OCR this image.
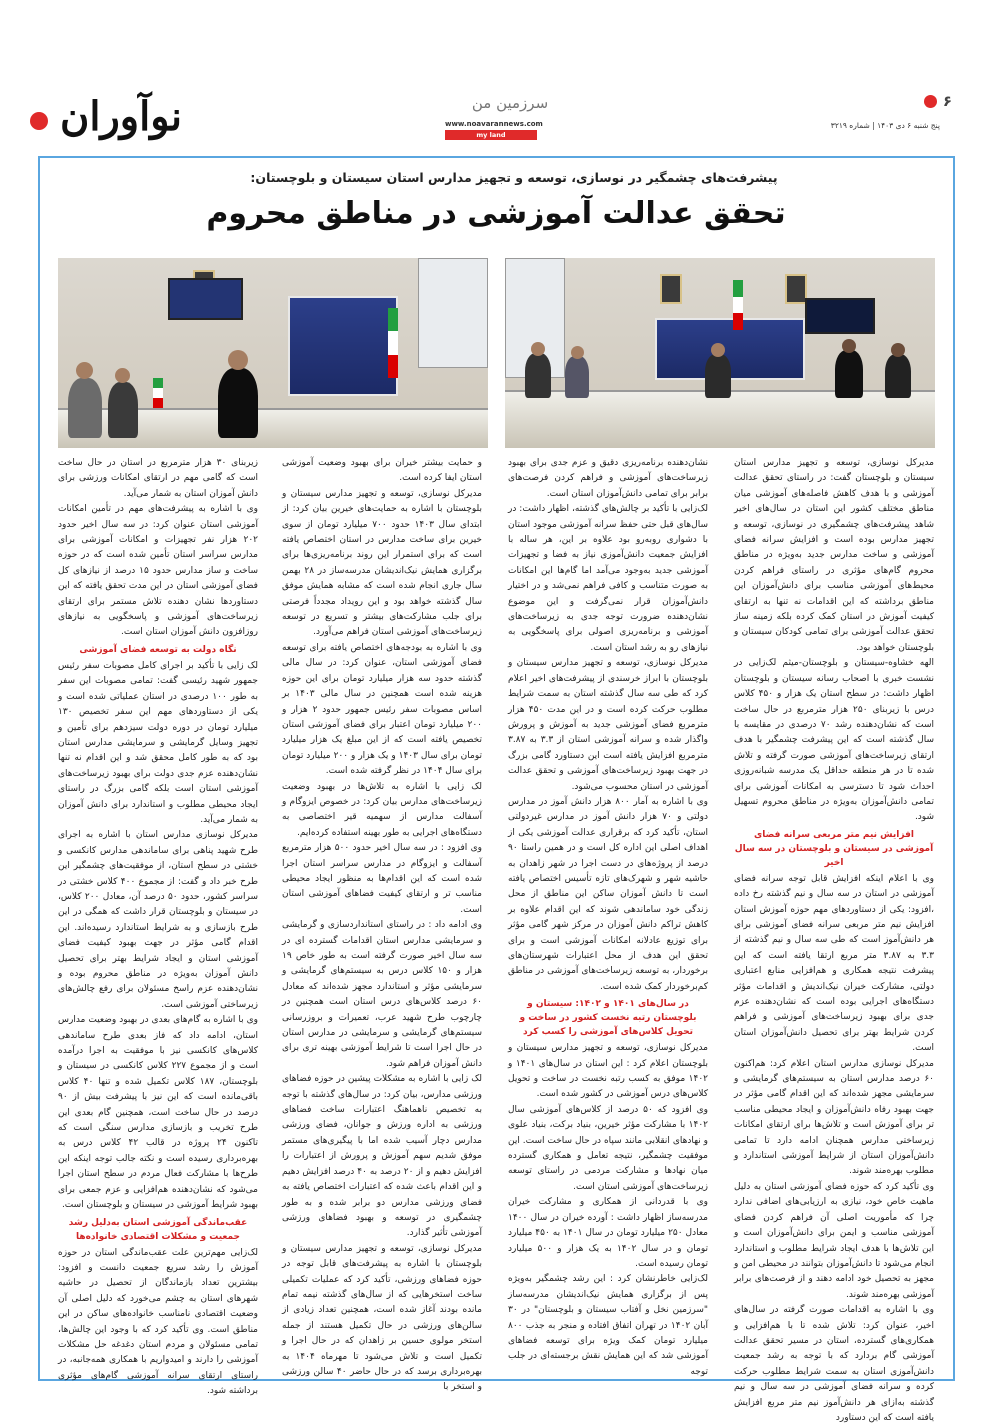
۶
سرزمین من
پنج شنبه ۶ دی ۱۴۰۳ | شماره ۳۲۱۹
www.noavarannews.com
my land
نوآوران
پیشرفت‌های چشمگیر در نوسازی، توسعه و تجهیز مدارس استان سیستان و بلوچستان:
تحقق عدالت آموزشی در مناطق محروم

مدیرکل نوسازی، توسعه و تجهیز مدارس استان سیستان و بلوچستان گفت: در راستای تحقق عدالت آموزشی و با هدف کاهش فاصله‌های آموزشی میان مناطق مختلف کشور این استان در سال‌های اخیر شاهد پیشرفت‌های چشمگیری در نوسازی، توسعه و تجهیز مدارس بوده است و افزایش سرانه فضای آموزشی و ساخت مدارس جدید به‌ویژه در مناطق محروم گام‌های مؤثری در راستای فراهم کردن محیط‌های آموزشی مناسب برای دانش‌آموزان این مناطق برداشته که این اقدامات نه تنها به ارتقای کیفیت آموزش در استان کمک کرده بلکه زمینه ساز تحقق عدالت آموزشی برای تمامی کودکان سیستان و بلوچستان خواهد بود.

الهه خشاوه-سیستان و بلوچستان-میثم لک‌زایی در نشست خبری با اصحاب رسانه سیستان و بلوچستان اظهار داشت: در سطح استان یک هزار و ۴۵۰ کلاس درس با زیربنای ۲۵۰ هزار مترمربع در حال ساخت است که نشان‌دهنده رشد ۷۰ درصدی در مقایسه با سال گذشته است که این پیشرفت چشمگیر با هدف ارتقای زیرساخت‌های آموزشی صورت گرفته و تلاش شده تا در هر منطقه حداقل یک مدرسه شبانه‌روزی احداث شود تا دسترسی به امکانات آموزشی برای تمامی دانش‌آموزان به‌ویژه در مناطق محروم تسهیل شود.

افزایش نیم متر مربعی سرانه فضای آموزشی در سیستان و بلوچستان در سه سال اخیر

وی با اعلام اینکه افزایش قابل توجه سرانه فضای آموزشی در استان در سه سال و نیم گذشته رخ داده ،افزود: یکی از دستاوردهای مهم حوزه آموزش استان افزایش نیم متر مربعی سرانه فضای آموزشی برای هر دانش‌آموز است که طی سه سال و نیم گذشته از ۳.۳ به ۳.۸۷ متر مربع ارتقا یافته است که این پیشرفت نتیجه همکاری و هم‌افزایی منابع اعتباری دولتی، مشارکت خیران نیک‌اندیش و اقدامات مؤثر دستگاه‌های اجرایی بوده است که نشان‌دهنده عزم جدی برای بهبود زیرساخت‌های آموزشی و فراهم کردن شرایط بهتر برای تحصیل دانش‌آموزان استان است.

مدیرکل نوسازی مدارس استان اعلام کرد: هم‌اکنون ۶۰ درصد مدارس استان به سیستم‌های گرمایشی و سرمایشی مجهز شده‌اند که این اقدام گامی مؤثر در جهت بهبود رفاه دانش‌آموزان و ایجاد محیطی مناسب تر برای آموزش است و تلاش‌ها برای ارتقای امکانات زیرساختی مدارس همچنان ادامه دارد تا تمامی دانش‌آموزان استان از شرایط آموزشی استاندارد و مطلوب بهره‌مند شوند.

وی تأکید کرد که حوزه فضای آموزشی استان به دلیل ماهیت خاص خود، نیازی به ارزیابی‌های اضافی ندارد چرا که مأموریت اصلی آن فراهم کردن فضای آموزشی مناسب و ایمن برای دانش‌آموزان است و این تلاش‌ها با هدف ایجاد شرایط مطلوب و استاندارد انجام می‌شود تا دانش‌آموزان بتوانند در محیطی امن و مجهز به تحصیل خود ادامه دهند و از فرصت‌های برابر آموزشی بهره‌مند شوند.

وی با اشاره به اقدامات صورت گرفته در سال‌های اخیر، عنوان کرد: تلاش شده تا با هم‌افزایی و همکاری‌های گسترده، استان در مسیر تحقق عدالت آموزشی گام بردارد که با توجه به رشد جمعیت دانش‌آموزی استان به سمت شرایط مطلوب حرکت کرده و سرانه فضای آموزشی در سه سال و نیم گذشته به‌ازای هر دانش‌آموز نیم متر مربع افزایش یافته است که این دستاورد

نشان‌دهنده برنامه‌ریزی دقیق و عزم جدی برای بهبود زیرساخت‌های آموزشی و فراهم کردن فرصت‌های برابر برای تمامی دانش‌آموزان استان است.

لک‌زایی با تأکید بر چالش‌های گذشته، اظهار داشت: در سال‌های قبل حتی حفظ سرانه آموزشی موجود استان با دشواری روبه‌رو بود علاوه بر این، هر ساله با افزایش جمعیت دانش‌آموزی نیاز به فضا و تجهیزات آموزشی جدید به‌وجود می‌آمد اما گام‌ها این امکانات به صورت متناسب و کافی فراهم نمی‌شد و در اختیار دانش‌آموزان قرار نمی‌گرفت و این موضوع نشان‌دهنده ضرورت توجه جدی به زیرساخت‌های آموزشی و برنامه‌ریزی اصولی برای پاسخگویی به نیازهای رو به رشد استان است.

مدیرکل نوسازی، توسعه و تجهیز مدارس سیستان و بلوچستان با ابراز خرسندی از پیشرفت‌های اخیر اعلام کرد که طی سه سال گذشته استان به سمت شرایط مطلوب حرکت کرده است و در این مدت ۴۵۰ هزار مترمربع فضای آموزشی جدید به آموزش و پرورش واگذار شده و سرانه آموزشی استان از ۳.۳ به ۳.۸۷ مترمربع افزایش یافته است این دستاورد گامی بزرگ در جهت بهبود زیرساخت‌های آموزشی و تحقق عدالت آموزشی در استان محسوب می‌شود.

وی با اشاره به آمار ۸۰۰ هزار دانش آموز در مدارس دولتی و ۷۰ هزار دانش آموز در مدارس غیردولتی استان، تأکید کرد که برقراری عدالت آموزشی یکی از اهداف اصلی این اداره کل است و در همین راستا ۹۰ درصد از پروژه‌های در دست اجرا در شهر زاهدان به حاشیه شهر و شهرک‌های تازه تأسیس اختصاص یافته است تا دانش آموزان ساکن این مناطق از محل زندگی خود ساماندهی شوند که این اقدام علاوه بر کاهش تراکم دانش آموزان در مرکز شهر گامی مؤثر برای توزیع عادلانه امکانات آموزشی است و برای تحقق این هدف از محل اعتبارات شهرستان‌های برخوردار، به توسعه زیرساخت‌های آموزشی در مناطق کم‌برخوردار کمک شده است.

در سال‌های ۱۴۰۱ و ۱۴۰۲: سیستان و بلوچستان رتبه نخست کشور در ساخت و تحویل کلاس‌های آموزشی را کسب کرد

مدیرکل نوسازی، توسعه و تجهیز مدارس سیستان و بلوچستان اعلام کرد : این استان در سال‌های ۱۴۰۱ و ۱۴۰۲ موفق به کسب رتبه نخست در ساخت و تحویل کلاس‌های درس آموزشی در کشور شده است.

وی افزود که ۵۰ درصد از کلاس‌های آموزشی سال ۱۴۰۲ با مشارکت مؤثر خیرین، بنیاد برکت، بنیاد علوی و نهادهای انقلابی مانند سپاه در حال ساخت است. این موفقیت چشمگیر، نتیجه تعامل و همکاری گسترده میان نهادها و مشارکت مردمی در راستای توسعه زیرساخت‌های آموزشی استان است.

وی با قدردانی از همکاری و مشارکت خیران مدرسه‌ساز اظهار داشت : آورده خیران در سال ۱۴۰۰ معادل ۲۵۰ میلیارد تومان در سال ۱۴۰۱ به ۴۵۰ میلیارد تومان و در سال ۱۴۰۲ به یک هزار و ۵۰۰ میلیارد تومان رسیده است.

لک‌زایی خاطرنشان کرد : این رشد چشمگیر به‌ویژه پس از برگزاری همایش نیک‌اندیشان مدرسه‌ساز "سرزمین نخل و آفتاب سیستان و بلوچستان" در ۳۰ آبان ۱۴۰۲ در تهران اتفاق افتاده و منجر به جذب ۸۰۰ میلیارد تومان کمک ویژه برای توسعه فضاهای آموزشی شد که این همایش نقش برجسته‌ای در جلب توجه

و حمایت بیشتر خیران برای بهبود وضعیت آموزشی استان ایفا کرده است.

مدیرکل نوسازی، توسعه و تجهیز مدارس سیستان و بلوچستان با اشاره به حمایت‌های خیرین بیان کرد: از ابتدای سال ۱۴۰۳ حدود ۷۰۰ میلیارد تومان از سوی خیرین برای ساخت مدارس در استان اختصاص یافته است که برای استمرار این روند برنامه‌ریزی‌ها برای برگزاری همایش نیک‌اندیشان مدرسه‌ساز در ۲۸ بهمن سال جاری انجام شده است که مشابه همایش موفق سال گذشته خواهد بود و این رویداد مجدداً فرصتی برای جلب مشارکت‌های بیشتر و تسریع در توسعه زیرساخت‌های آموزشی استان فراهم می‌آورد.

وی با اشاره به بودجه‌های اختصاص یافته برای توسعه فضای آموزشی استان، عنوان کرد: در سال مالی گذشته حدود سه هزار میلیارد تومان برای این حوزه هزینه شده است همچنین در سال مالی ۱۴۰۳ بر اساس مصوبات سفر رئیس جمهور حدود ۲ هزار و ۲۰۰ میلیارد تومان اعتبار برای فضای آموزشی استان تخصیص یافته است که از این مبلغ یک هزار میلیارد تومان برای سال ۱۴۰۳ و یک هزار و ۲۰۰ میلیارد تومان برای سال ۱۴۰۴ در نظر گرفته شده است.

لک زایی با اشاره به تلاش‌ها در بهبود وضعیت زیرساخت‌های مدارس بیان کرد: در خصوص ایزوگام و آسفالت مدارس از سهمیه قیر اختصاصی به دستگاه‌های اجرایی به طور بهینه استفاده کرده‌ایم.

وی افزود : در سه سال اخیر حدود ۵۰۰ هزار مترمربع آسفالت و ایزوگام در مدارس سراسر استان اجرا شده است که این اقدام‌ها به منظور ایجاد محیطی مناسب تر و ارتقای کیفیت فضاهای آموزشی استان است.

وی ادامه داد : در راستای استانداردسازی و گرمایشی و سرمایشی مدارس استان اقدامات گسترده ای در سه سال اخیر صورت گرفته است به طور خاص ۱۹ هزار و ۱۵۰ کلاس درس به سیستم‌های گرمایشی و سرمایشی مؤثر و استاندارد مجهز شده‌اند که معادل ۶۰ درصد کلاس‌های درس استان است همچنین در چارچوب طرح شهید عرب، تعمیرات و بروزرسانی سیستم‌های گرمایشی و سرمایشی در مدارس استان در حال اجرا است تا شرایط آموزشی بهینه تری برای دانش آموزان فراهم شود.

لک زایی با اشاره به مشکلات پیشین در حوزه فضاهای ورزشی مدارس، بیان کرد: در سال‌های گذشته با توجه به تخصیص ناهماهنگ اعتبارات ساخت فضاهای ورزشی به اداره ورزش و جوانان، فضای ورزشی مدارس دچار آسیب شده اما با پیگیری‌های مستمر موفق شدیم سهم آموزش و پرورش از اعتبارات را افزایش دهیم و از ۲۰ درصد به ۴۰ درصد افزایش دهیم و این اقدام باعث شده که اعتبارات اختصاص یافته به فضای ورزشی مدارس دو برابر شده و به طور چشمگیری در توسعه و بهبود فضاهای ورزشی آموزشی تأثیر گذارد.

مدیرکل نوسازی، توسعه و تجهیز مدارس سیستان و بلوچستان با اشاره به پیشرفت‌های قابل توجه در حوزه فضاهای ورزشی، تأکید کرد که عملیات تکمیلی ساخت استخرهایی که از سال‌های گذشته نیمه تمام مانده بودند آغاز شده است، همچنین تعداد زیادی از سالن‌های ورزشی در حال تکمیل هستند از جمله استخر مولوی حسین بر زاهدان که در حال اجرا و تکمیل است و تلاش می‌شود تا مهرماه ۱۴۰۴ به بهره‌برداری برسد که در حال حاضر ۴۰ سالن ورزشی و استخر با

زیربنای ۳۰ هزار مترمربع در استان در حال ساخت است که گامی مهم در ارتقای امکانات ورزشی برای دانش آموزان استان به شمار می‌آید.

وی با اشاره به پیشرفت‌های مهم در تأمین امکانات آموزشی استان عنوان کرد: در سه سال اخیر حدود ۲۰۲ هزار نفر تجهیزات و امکانات آموزشی برای مدارس سراسر استان تأمین شده است که در حوزه ساخت و ساز مدارس حدود ۱۵ درصد از نیازهای کل فضای آموزشی استان در این مدت تحقق یافته که این دستاوردها نشان دهنده تلاش مستمر برای ارتقای زیرساخت‌های آموزشی و پاسخگویی به نیازهای روزافزون دانش آموزان استان است.

نگاه دولت به توسعه فضای آموزشی

لک زایی با تأکید بر اجرای کامل مصوبات سفر رئیس جمهور شهید رئیسی گفت: تمامی مصوبات این سفر به طور ۱۰۰ درصدی در استان عملیاتی شده است و یکی از دستاوردهای مهم این سفر تخصیص ۱۳۰ میلیارد تومان در دوره دولت سیزدهم برای تأمین و تجهیز وسایل گرمایشی و سرمایشی مدارس استان بود که به طور کامل محقق شد و این اقدام نه تنها نشان‌دهنده عزم جدی دولت برای بهبود زیرساخت‌های آموزشی استان است بلکه گامی بزرگ در راستای ایجاد محیطی مطلوب و استاندارد برای دانش آموزان به شمار می‌آید.

مدیرکل نوسازی مدارس استان با اشاره به اجرای طرح شهید پناهی برای ساماندهی مدارس کانکسی و خشتی در سطح استان، از موفقیت‌های چشمگیر این طرح خبر داد و گفت: از مجموع ۴۰۰ کلاس خشتی در سراسر کشور، حدود ۵۰ درصد آن، معادل ۲۰۰ کلاس، در سیستان و بلوچستان قرار داشت که همگی در این طرح بازسازی و به شرایط استاندارد رسیده‌اند. این اقدام گامی مؤثر در جهت بهبود کیفیت فضای آموزشی استان و ایجاد شرایط بهتر برای تحصیل دانش آموزان به‌ویژه در مناطق محروم بوده و نشان‌دهنده عزم راسخ مسئولان برای رفع چالش‌های زیرساختی آموزشی است.

وی با اشاره به گام‌های بعدی در بهبود وضعیت مدارس استان، ادامه داد که فاز بعدی طرح ساماندهی کلاس‌های کانکسی نیز با موفقیت به اجرا درآمده است و از مجموع ۲۲۷ کلاس کانکسی در سیستان و بلوچستان، ۱۸۷ کلاس تکمیل شده و تنها ۴۰ کلاس باقی‌مانده است که این نیز با پیشرفت بیش از ۹۰ درصد در حال ساخت است، همچنین گام بعدی این طرح تخریب و بازسازی مدارس سنگی است که تاکنون ۲۴ پروژه در قالب ۴۲ کلاس درس به بهره‌برداری رسیده است و نکته جالب توجه اینکه این طرح‌ها با مشارکت فعال مردم در سطح استان اجرا می‌شود که نشان‌دهنده هم‌افزایی و عزم جمعی برای بهبود شرایط آموزشی در سیستان و بلوچستان است.

عقب‌ماندگی آموزشی استان به‌دلیل رشد جمعیت و مشکلات اقتصادی خانواده‌ها

لک‌زایی مهم‌ترین علت عقب‌ماندگی استان در حوزه آموزش را رشد سریع جمعیت دانست و افزود: بیشترین تعداد بازماندگان از تحصیل در حاشیه شهرهای استان به چشم می‌خورد که دلیل اصلی آن وضعیت اقتصادی نامناسب خانواده‌های ساکن در این مناطق است. وی تأکید کرد که با وجود این چالش‌ها، تمامی مسئولان و مردم استان دغدغه حل مشکلات آموزشی را دارند و امیدواریم با همکاری همه‌جانبه، در راستای ارتقای سرانه آموزشی گام‌های مؤثری برداشته شود.
